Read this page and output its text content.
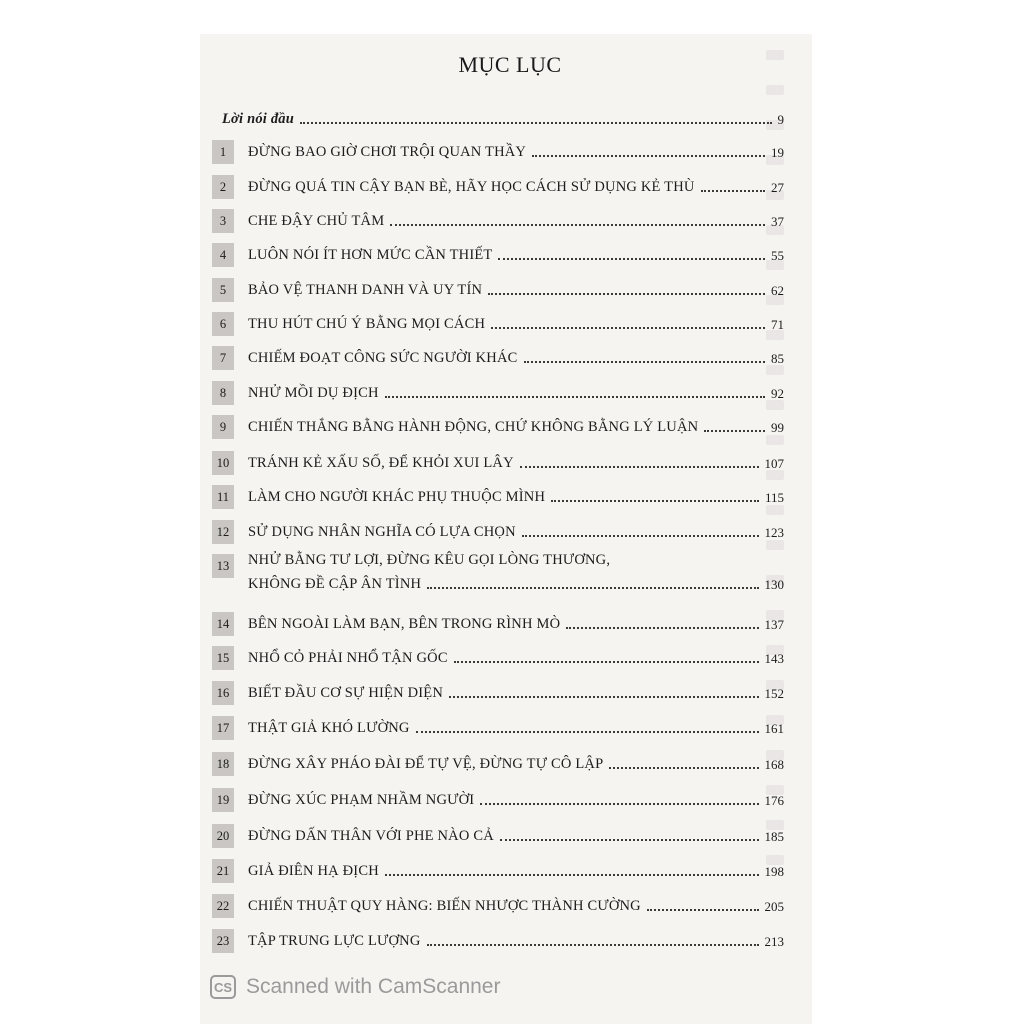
MỤC LỤC
Lời nói đầu	9
1	ĐỪNG BAO GIỜ CHƠI TRỘI QUAN THẦY	19
2	ĐỪNG QUÁ TIN CẬY BẠN BÈ, HÃY HỌC CÁCH SỬ DỤNG KẺ THÙ	27
3	CHE ĐẬY CHỦ TÂM	37
4	LUÔN NÓI ÍT HƠN MỨC CẦN THIẾT	55
5	BẢO VỆ THANH DANH VÀ UY TÍN	62
6	THU HÚT CHÚ Ý BẰNG MỌI CÁCH	71
7	CHIẾM ĐOẠT CÔNG SỨC NGƯỜI KHÁC	85
8	NHỬ MỒI DỤ ĐỊCH	92
9	CHIẾN THẮNG BẰNG HÀNH ĐỘNG, CHỨ KHÔNG BẰNG LÝ LUẬN	99
10	TRÁNH KẺ XẤU SỐ, ĐỂ KHỎI XUI LÂY	107
11	LÀM CHO NGƯỜI KHÁC PHỤ THUỘC MÌNH	115
12	SỬ DỤNG NHÂN NGHĨA CÓ LỰA CHỌN	123
13	NHỬ BẰNG TƯ LỢI, ĐỪNG KÊU GỌI LÒNG THƯƠNG,
KHÔNG ĐỀ CẬP ÂN TÌNH	130
14	BÊN NGOÀI LÀM BẠN, BÊN TRONG RÌNH MÒ	137
15	NHỔ CỎ PHẢI NHỔ TẬN GỐC	143
16	BIẾT ĐẦU CƠ SỰ HIỆN DIỆN	152
17	THẬT GIẢ KHÓ LƯỜNG	161
18	ĐỪNG XÂY PHÁO ĐÀI ĐỂ TỰ VỆ, ĐỪNG TỰ CÔ LẬP	168
19	ĐỪNG XÚC PHẠM NHẦM NGƯỜI	176
20	ĐỪNG DẤN THÂN VỚI PHE NÀO CẢ	185
21	GIẢ ĐIÊN HẠ ĐỊCH	198
22	CHIẾN THUẬT QUY HÀNG: BIẾN NHƯỢC THÀNH CƯỜNG	205
23	TẬP TRUNG LỰC LƯỢNG	213
CS Scanned with CamScanner
